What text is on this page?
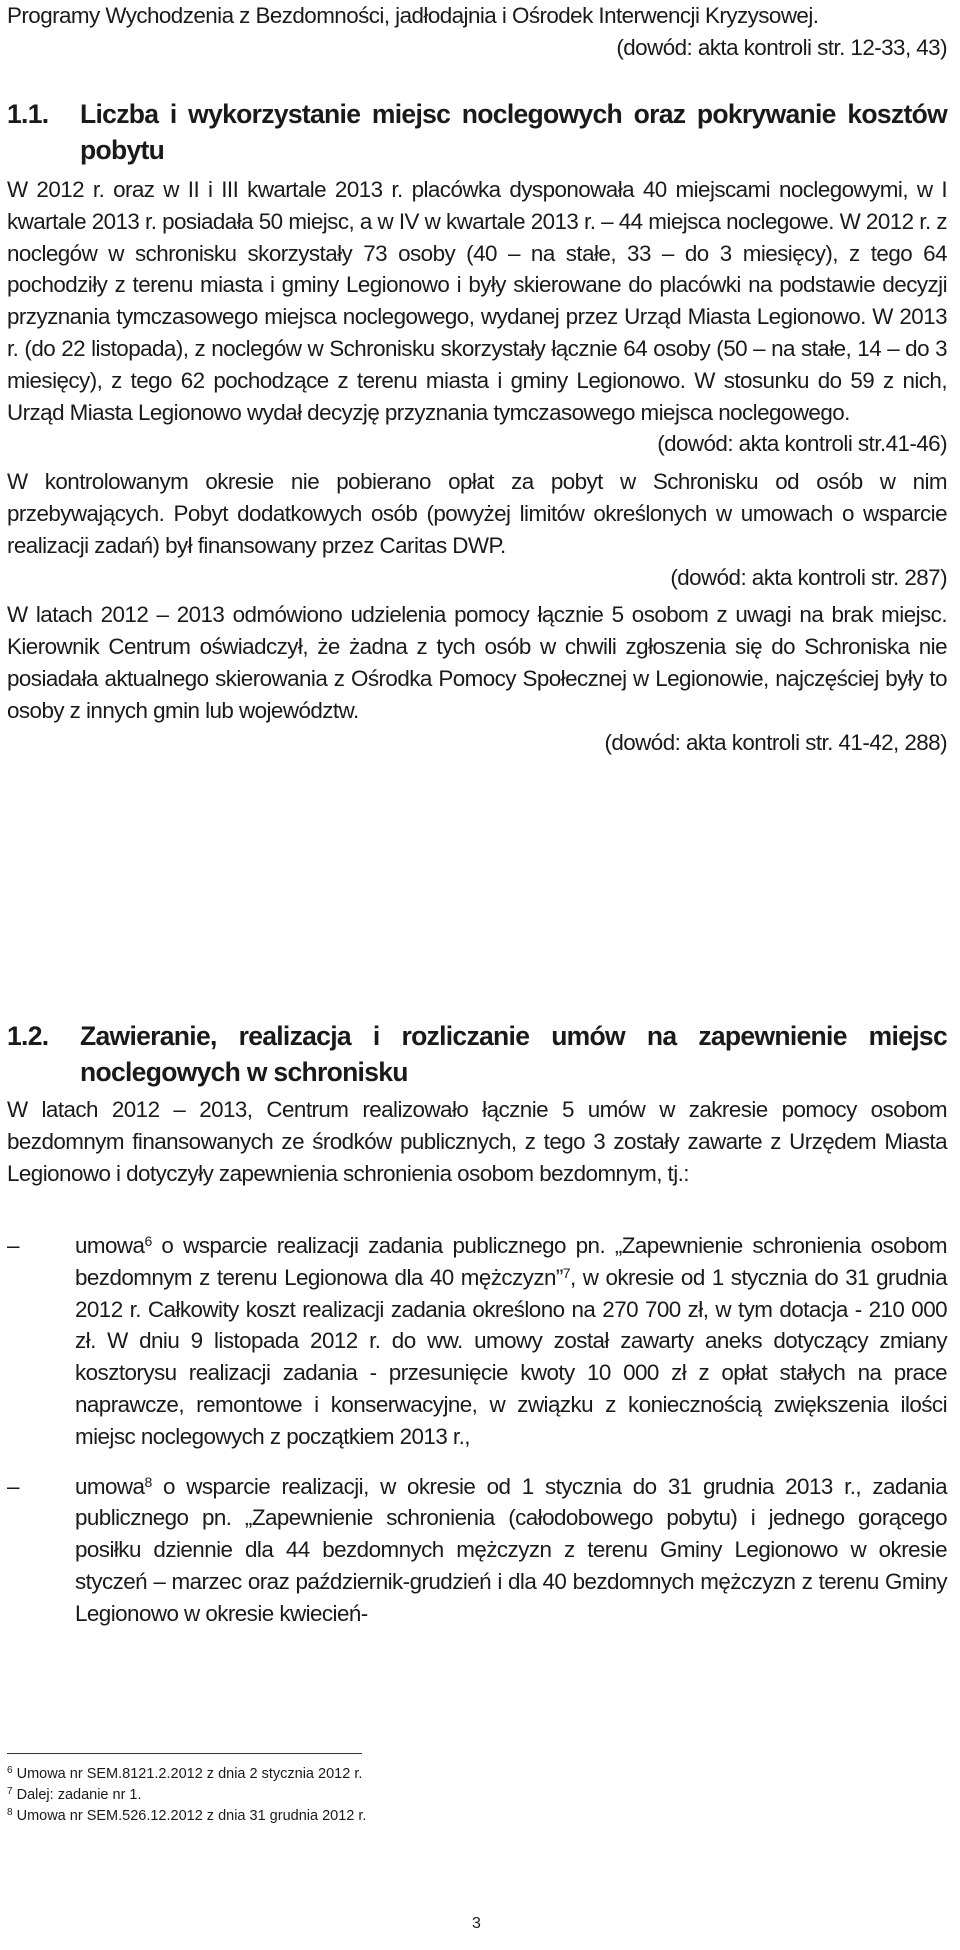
Programy Wychodzenia z Bezdomności, jadłodajnia i Ośrodek Interwencji Kryzysowej.

(dowód: akta kontroli str. 12-33, 43)

1.1. Liczba i wykorzystanie miejsc noclegowych oraz pokrywanie kosztów pobytu

W 2012 r. oraz w II i III kwartale 2013 r. placówka dysponowała 40 miejscami noclegowymi, w I kwartale 2013 r. posiadała 50 miejsc, a w IV w kwartale 2013 r. – 44 miejsca noclegowe. W 2012 r. z noclegów w schronisku skorzystały 73 osoby (40 – na stałe, 33 – do 3 miesięcy), z tego 64 pochodziły z terenu miasta i gminy Legionowo i były skierowane do placówki na podstawie decyzji przyznania tymczasowego miejsca noclegowego, wydanej przez Urząd Miasta Legionowo. W 2013 r. (do 22 listopada), z noclegów w Schronisku skorzystały łącznie 64 osoby (50 – na stałe, 14 – do 3 miesięcy), z tego 62 pochodzące z terenu miasta i gminy Legionowo. W stosunku do 59 z nich, Urząd Miasta Legionowo wydał decyzję przyznania tymczasowego miejsca noclegowego.

(dowód: akta kontroli str.41-46)

W kontrolowanym okresie nie pobierano opłat za pobyt w Schronisku od osób w nim przebywających. Pobyt dodatkowych osób (powyżej limitów określonych w umowach o wsparcie realizacji zadań) był finansowany przez Caritas DWP.

(dowód: akta kontroli str. 287)

W latach 2012 – 2013 odmówiono udzielenia pomocy łącznie 5 osobom z uwagi na brak miejsc. Kierownik Centrum oświadczył, że żadna z tych osób w chwili zgłoszenia się do Schroniska nie posiadała aktualnego skierowania z Ośrodka Pomocy Społecznej w Legionowie, najczęściej były to osoby z innych gmin lub województw.

(dowód: akta kontroli str. 41-42, 288)

1.2. Zawieranie, realizacja i rozliczanie umów na zapewnienie miejsc noclegowych w schronisku

W latach 2012 – 2013, Centrum realizowało łącznie 5 umów w zakresie pomocy osobom bezdomnym finansowanych ze środków publicznych, z tego 3 zostały zawarte z Urzędem Miasta Legionowo i dotyczyły zapewnienia schronienia osobom bezdomnym, tj.:

–	umowa$^6$ o wsparcie realizacji zadania publicznego pn. „Zapewnienie schronienia osobom bezdomnym z terenu Legionowa dla 40 mężczyzn”$^7$, w okresie od 1 stycznia do 31 grudnia 2012 r. Całkowity koszt realizacji zadania określono na 270 700 zł, w tym dotacja - 210 000 zł. W dniu 9 listopada 2012 r. do ww. umowy został zawarty aneks dotyczący zmiany kosztorysu realizacji zadania - przesunięcie kwoty 10 000 zł z opłat stałych na prace naprawcze, remontowe i konserwacyjne, w związku z koniecznością zwiększenia ilości miejsc noclegowych z początkiem 2013 r.,
–	umowa$^8$ o wsparcie realizacji, w okresie od 1 stycznia do 31 grudnia 2013 r., zadania publicznego pn. „Zapewnienie schronienia (całodobowego pobytu) i jednego gorącego posiłku dziennie dla 44 bezdomnych mężczyzn z terenu Gminy Legionowo w okresie styczeń – marzec oraz październik-grudzień i dla 40 bezdomnych mężczyzn z terenu Gminy Legionowo w okresie kwiecień-
$^6$ Umowa nr SEM.8121.2.2012 z dnia 2 stycznia 2012 r.
$^7$ Dalej: zadanie nr 1.
$^8$ Umowa nr SEM.526.12.2012 z dnia 31 grudnia 2012 r.
3
